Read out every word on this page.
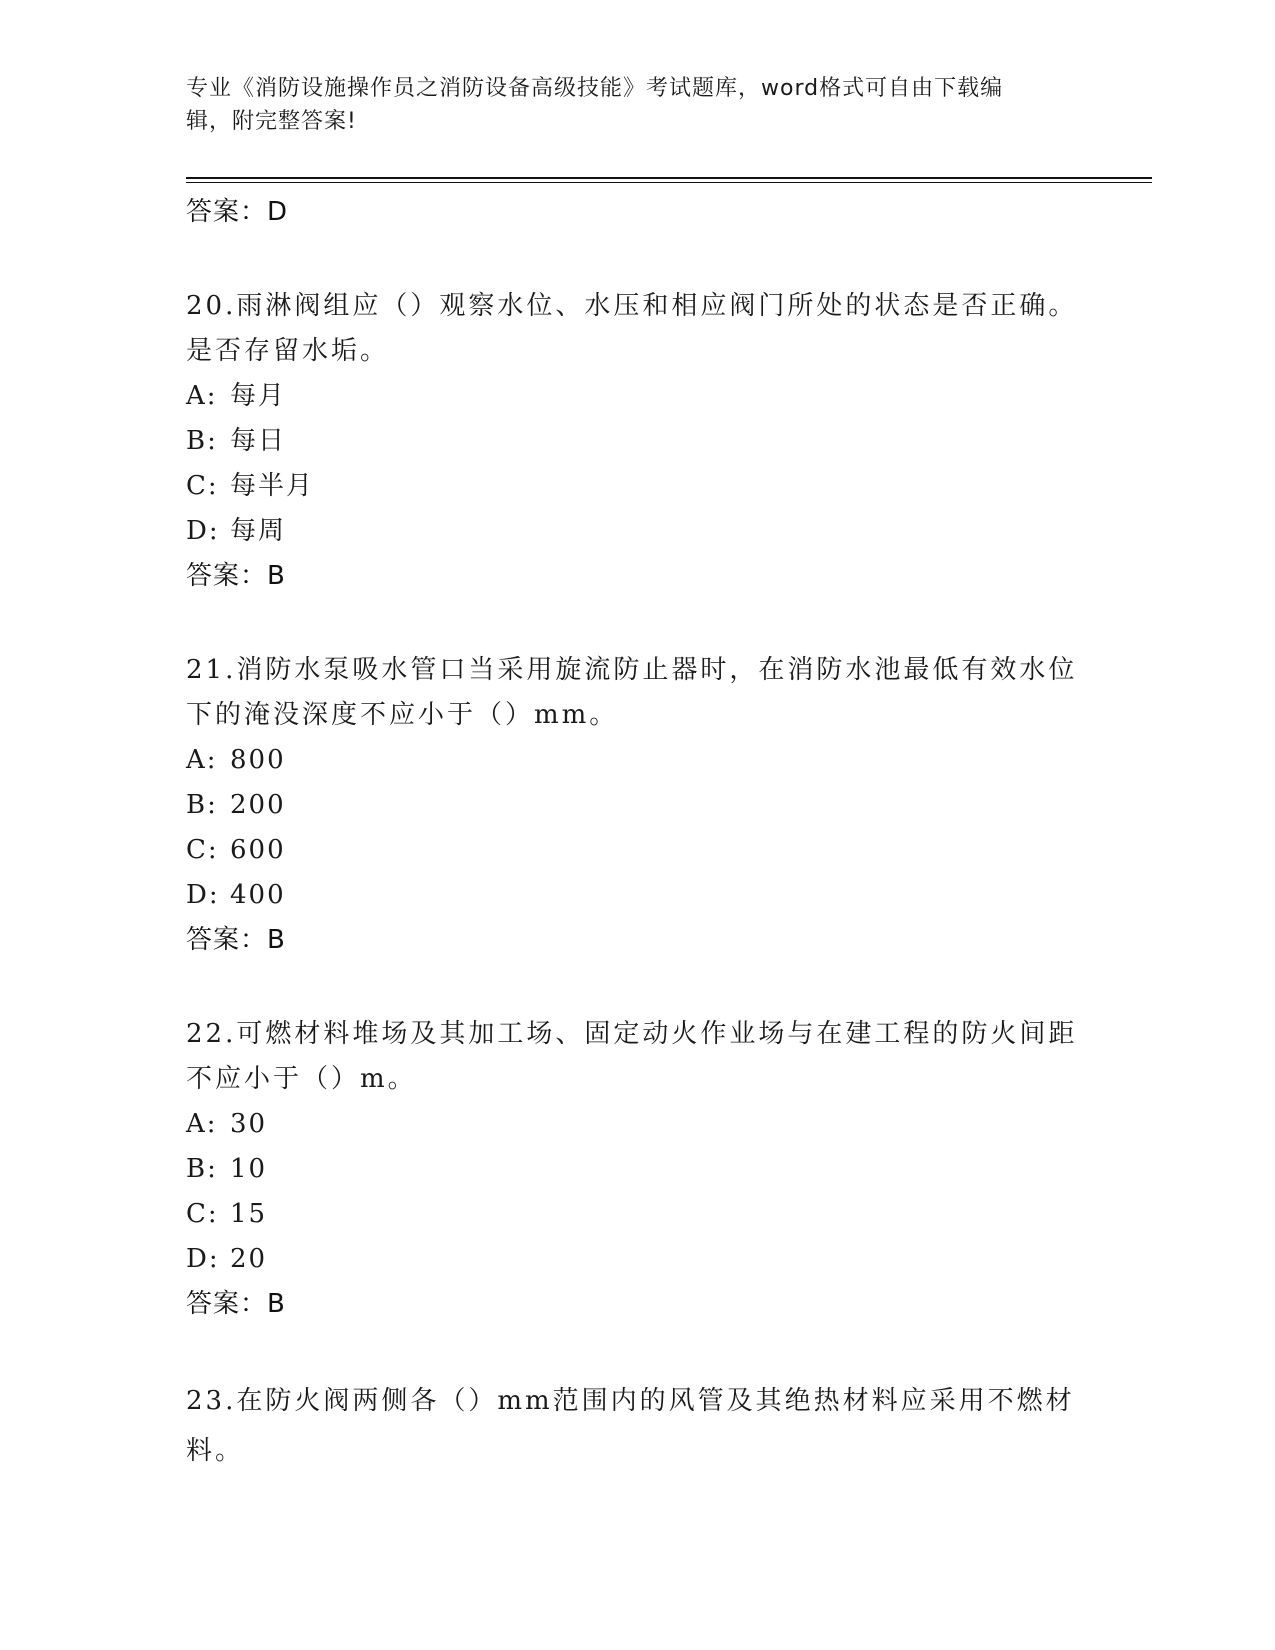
专业《消防设施操作员之消防设备高级技能》考试题库，word格式可自由下载编
辑，附完整答案!
答案：D
20.雨淋阀组应（）观察水位、水压和相应阀门所处的状态是否正确。是否存留水垢。
A: 每月
B: 每日
C: 每半月
D: 每周
答案：B
21.消防水泵吸水管口当采用旋流防止器时，在消防水池最低有效水位下的淹没深度不应小于（）mm。
A: 800
B: 200
C: 600
D: 400
答案：B
22.可燃材料堆场及其加工场、固定动火作业场与在建工程的防火间距不应小于（）m。
A: 30
B: 10
C: 15
D: 20
答案：B
23.在防火阀两侧各（）mm范围内的风管及其绝热材料应采用不燃材料。
